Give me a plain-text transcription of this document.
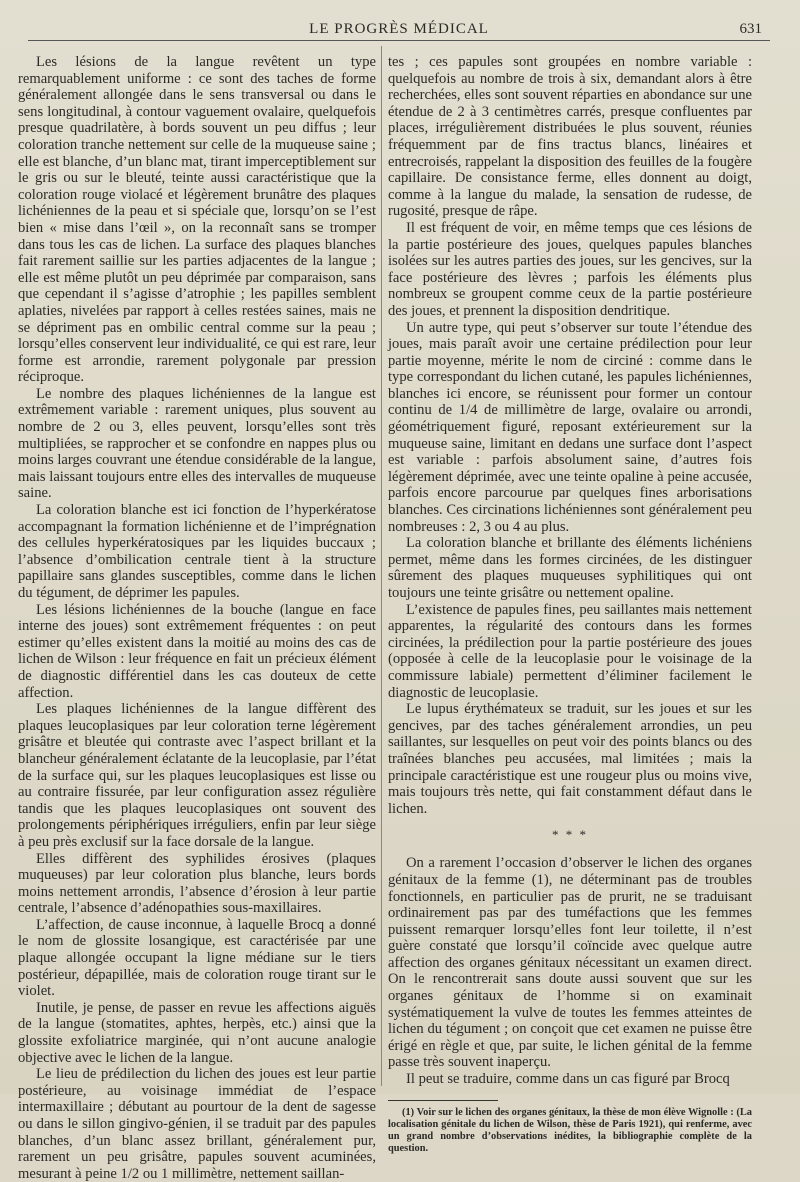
LE PROGRÈS MÉDICAL	631

Les lésions de la langue revêtent un type remarquablement uniforme : ce sont des taches de forme généralement allongée dans le sens transversal ou dans le sens longitudinal, à contour vaguement ovalaire, quelquefois presque quadrilatère, à bords souvent un peu diffus ; leur coloration tranche nettement sur celle de la muqueuse saine ; elle est blanche, d’un blanc mat, tirant imperceptiblement sur le gris ou sur le bleuté, teinte aussi caractéristique que la coloration rouge violacé et légèrement brunâtre des plaques lichéniennes de la peau et si spéciale que, lorsqu’on se l’est bien « mise dans l’œil », on la reconnaît sans se tromper dans tous les cas de lichen. La surface des plaques blanches fait rarement saillie sur les parties adjacentes de la langue ; elle est même plutôt un peu déprimée par comparaison, sans que cependant il s’agisse d’atrophie ; les papilles semblent aplaties, nivelées par rapport à celles restées saines, mais ne se dépriment pas en ombilic central comme sur la peau ; lorsqu’elles conservent leur individualité, ce qui est rare, leur forme est arrondie, rarement polygonale par pression réciproque.

Le nombre des plaques lichéniennes de la langue est extrêmement variable : rarement uniques, plus souvent au nombre de 2 ou 3, elles peuvent, lorsqu’elles sont très multipliées, se rapprocher et se confondre en nappes plus ou moins larges couvrant une étendue considérable de la langue, mais laissant toujours entre elles des intervalles de muqueuse saine.

La coloration blanche est ici fonction de l’hyperkératose accompagnant la formation lichénienne et de l’imprégnation des cellules hyperkératosiques par les liquides buccaux ; l’absence d’ombilication centrale tient à la structure papillaire sans glandes susceptibles, comme dans le lichen du tégument, de déprimer les papules.

Les lésions lichéniennes de la bouche (langue en face interne des joues) sont extrêmement fréquentes : on peut estimer qu’elles existent dans la moitié au moins des cas de lichen de Wilson : leur fréquence en fait un précieux élément de diagnostic différentiel dans les cas douteux de cette affection.

Les plaques lichéniennes de la langue diffèrent des plaques leucoplasiques par leur coloration terne légèrement grisâtre et bleutée qui contraste avec l’aspect brillant et la blancheur généralement éclatante de la leucoplasie, par l’état de la surface qui, sur les plaques leucoplasiques est lisse ou au contraire fissurée, par leur configuration assez régulière tandis que les plaques leucoplasiques ont souvent des prolongements périphériques irréguliers, enfin par leur siège à peu près exclusif sur la face dorsale de la langue.

Elles diffèrent des syphilides érosives (plaques muqueuses) par leur coloration plus blanche, leurs bords moins nettement arrondis, l’absence d’érosion à leur partie centrale, l’absence d’adénopathies sous-maxillaires.

L’affection, de cause inconnue, à laquelle Brocq a donné le nom de glossite losangique, est caractérisée par une plaque allongée occupant la ligne médiane sur le tiers postérieur, dépapillée, mais de coloration rouge tirant sur le violet.

Inutile, je pense, de passer en revue les affections aiguës de la langue (stomatites, aphtes, herpès, etc.) ainsi que la glossite exfoliatrice marginée, qui n’ont aucune analogie objective avec le lichen de la langue.

Le lieu de prédilection du lichen des joues est leur partie postérieure, au voisinage immédiat de l’espace intermaxillaire ; débutant au pourtour de la dent de sagesse ou dans le sillon gingivo-génien, il se traduit par des papules blanches, d’un blanc assez brillant, généralement pur, rarement un peu grisâtre, papules souvent acuminées, mesurant à peine 1/2 ou 1 millimètre, nettement saillan-

tes ; ces papules sont groupées en nombre variable : quelquefois au nombre de trois à six, demandant alors à être recherchées, elles sont souvent réparties en abondance sur une étendue de 2 à 3 centimètres carrés, presque confluentes par places, irrégulièrement distribuées le plus souvent, réunies fréquemment par de fins tractus blancs, linéaires et entrecroisés, rappelant la disposition des feuilles de la fougère capillaire. De consistance ferme, elles donnent au doigt, comme à la langue du malade, la sensation de rudesse, de rugosité, presque de râpe.

Il est fréquent de voir, en même temps que ces lésions de la partie postérieure des joues, quelques papules blanches isolées sur les autres parties des joues, sur les gencives, sur la face postérieure des lèvres ; parfois les éléments plus nombreux se groupent comme ceux de la partie postérieure des joues, et prennent la disposition dendritique.

Un autre type, qui peut s’observer sur toute l’étendue des joues, mais paraît avoir une certaine prédilection pour leur partie moyenne, mérite le nom de circiné : comme dans le type correspondant du lichen cutané, les papules lichéniennes, blanches ici encore, se réunissent pour former un contour continu de 1/4 de millimètre de large, ovalaire ou arrondi, géométriquement figuré, reposant extérieurement sur la muqueuse saine, limitant en dedans une surface dont l’aspect est variable : parfois absolument saine, d’autres fois légèrement déprimée, avec une teinte opaline à peine accusée, parfois encore parcourue par quelques fines arborisations blanches. Ces circinations lichéniennes sont généralement peu nombreuses : 2, 3 ou 4 au plus.

La coloration blanche et brillante des éléments lichéniens permet, même dans les formes circinées, de les distinguer sûrement des plaques muqueuses syphilitiques qui ont toujours une teinte grisâtre ou nettement opaline.

L’existence de papules fines, peu saillantes mais nettement apparentes, la régularité des contours dans les formes circinées, la prédilection pour la partie postérieure des joues (opposée à celle de la leucoplasie pour le voisinage de la commissure labiale) permettent d’éliminer facilement le diagnostic de leucoplasie.

Le lupus érythémateux se traduit, sur les joues et sur les gencives, par des taches généralement arrondies, un peu saillantes, sur lesquelles on peut voir des points blancs ou des traînées blanches peu accusées, mal limitées ; mais la principale caractéristique est une rougeur plus ou moins vive, mais toujours très nette, qui fait constamment défaut dans le lichen.

* * *

On a rarement l’occasion d’observer le lichen des organes génitaux de la femme (1), ne déterminant pas de troubles fonctionnels, en particulier pas de prurit, ne se traduisant ordinairement pas par des tuméfactions que les femmes puissent remarquer lorsqu’elles font leur toilette, il n’est guère constaté que lorsqu’il coïncide avec quelque autre affection des organes génitaux nécessitant un examen direct. On le rencontrerait sans doute aussi souvent que sur les organes génitaux de l’homme si on examinait systématiquement la vulve de toutes les femmes atteintes de lichen du tégument ; on conçoit que cet examen ne puisse être érigé en règle et que, par suite, le lichen génital de la femme passe très souvent inaperçu.

Il peut se traduire, comme dans un cas figuré par Brocq

(1) Voir sur le lichen des organes génitaux, la thèse de mon élève Wignolle : (La localisation génitale du lichen de Wilson, thèse de Paris 1921), qui renferme, avec un grand nombre d’observations inédites, la bibliographie complète de la question.
